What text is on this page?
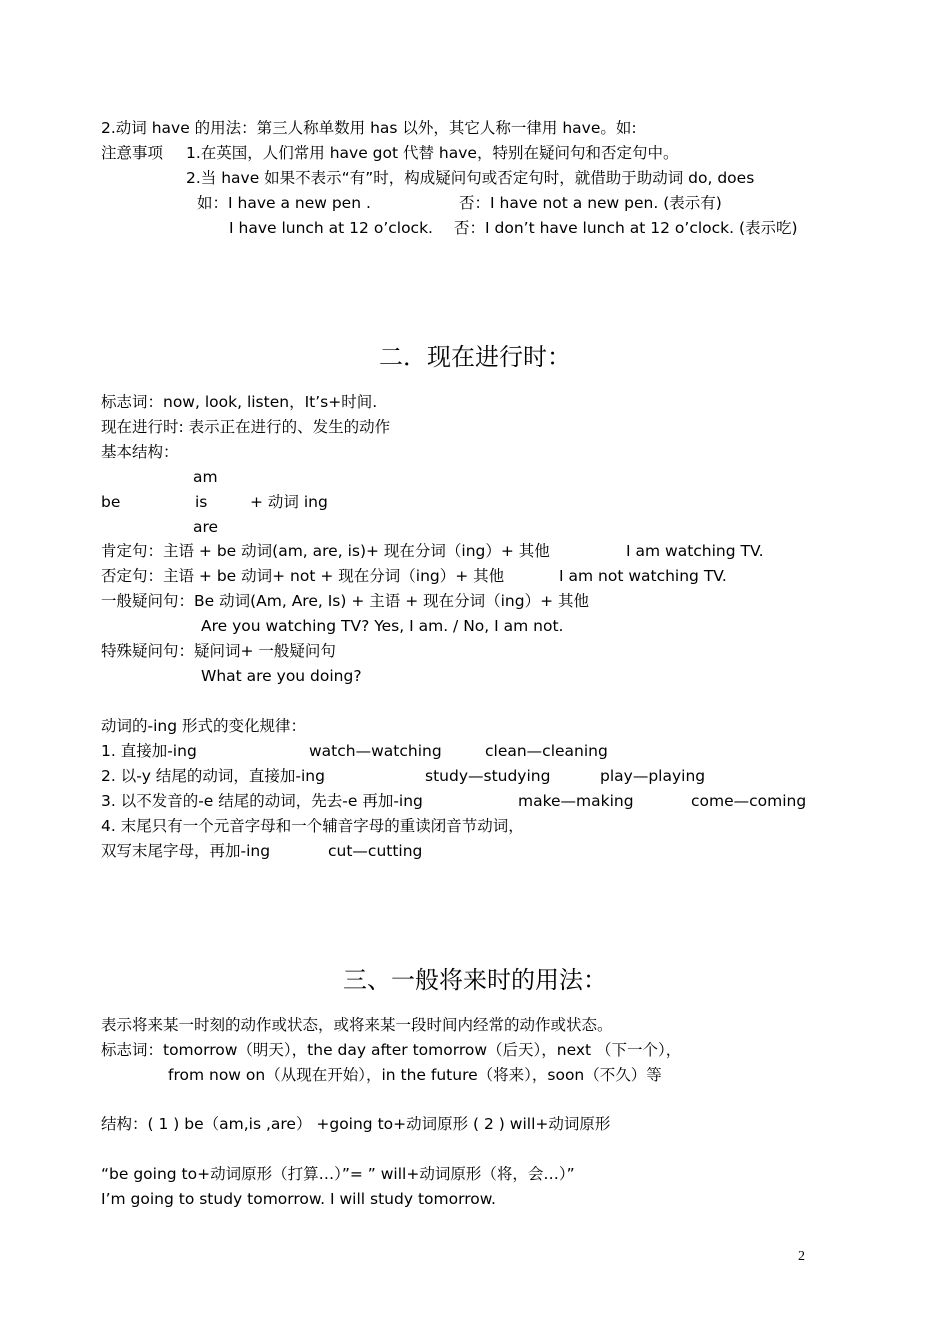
2.动词 have 的用法：第三人称单数用 has 以外，其它人称一律用 have。如:
注意事项 1.在英国，人们常用 have got 代替 have，特别在疑问句和否定句中。
2.当 have 如果不表示“有”时，构成疑问句或否定句时，就借助于助动词 do, does
如：I have a new pen .	否：I have not a new pen. (表示有)
I have lunch at 12 o’clock. 否：I don’t have lunch at 12 o’clock. (表示吃)
二．现在进行时：
标志词：now, look, listen，It’s+时间.
现在进行时: 表示正在进行的、发生的动作
基本结构：
am
be	is	+ 动词 ing
are
肯定句：主语 + be 动词(am, are, is)+ 现在分词（ing）+ 其他	I am watching TV.
否定句：主语 + be 动词+ not + 现在分词（ing）+ 其他	I am not watching TV.
一般疑问句：Be 动词(Am, Are, Is) + 主语 + 现在分词（ing）+ 其他
Are you watching TV? Yes, I am. / No, I am not.
特殊疑问句：疑问词+ 一般疑问句
What are you doing?
动词的-ing 形式的变化规律：
1. 直接加-ing	watch—watching	clean—cleaning
2. 以-y 结尾的动词，直接加-ing	study—studying	play—playing
3. 以不发音的-e 结尾的动词，先去-e 再加-ing	make—making	come—coming
4. 末尾只有一个元音字母和一个辅音字母的重读闭音节动词，
双写末尾字母，再加-ing	cut—cutting
三、一般将来时的用法：
表示将来某一时刻的动作或状态，或将来某一段时间内经常的动作或状态。
标志词：tomorrow（明天），the day after tomorrow（后天），next （下一个），
from now on（从现在开始），in the future（将来），soon（不久）等
结构：( 1 ) be（am,is ,are） +going to+动词原形 ( 2 ) will+动词原形
“be going to+动词原形（打算…）”= ” will+动词原形（将，会…）”
I’m going to study tomorrow. I will study tomorrow.
2
